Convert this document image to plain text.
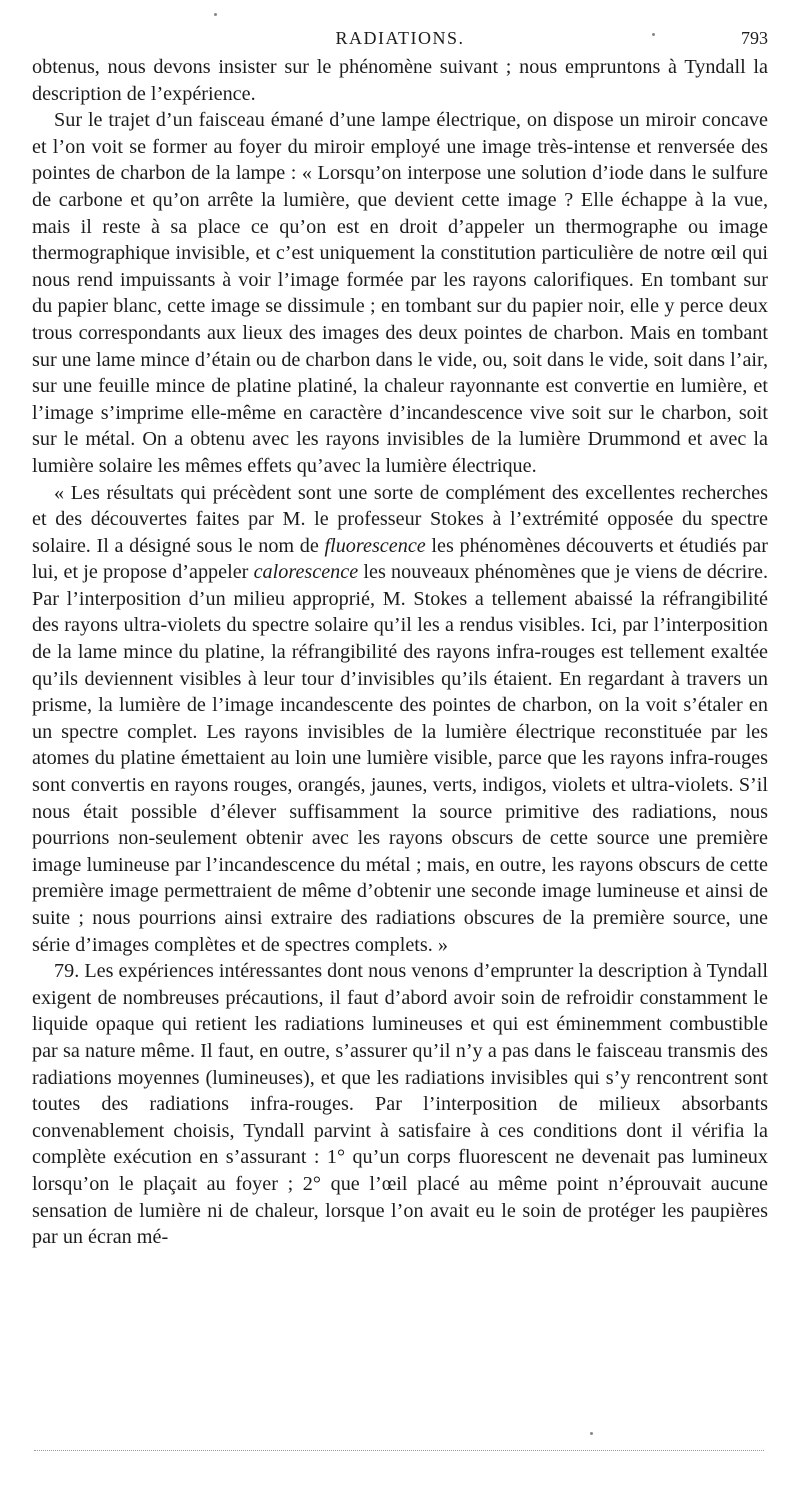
RADIATIONS.	793

obtenus, nous devons insister sur le phénomène suivant ; nous empruntons à Tyndall la description de l’expérience.

Sur le trajet d’un faisceau émané d’une lampe électrique, on dispose un miroir concave et l’on voit se former au foyer du miroir employé une image très-intense et renversée des pointes de charbon de la lampe : « Lorsqu’on interpose une solution d’iode dans le sulfure de carbone et qu’on arrête la lumière, que devient cette image ? Elle échappe à la vue, mais il reste à sa place ce qu’on est en droit d’appeler un thermographe ou image thermographique invisible, et c’est uniquement la constitution particulière de notre œil qui nous rend impuissants à voir l’image formée par les rayons calorifiques. En tombant sur du papier blanc, cette image se dissimule ; en tombant sur du papier noir, elle y perce deux trous correspondants aux lieux des images des deux pointes de charbon. Mais en tombant sur une lame mince d’étain ou de charbon dans le vide, ou, soit dans le vide, soit dans l’air, sur une feuille mince de platine platiné, la chaleur rayonnante est convertie en lumière, et l’image s’imprime elle-même en caractère d’incandescence vive soit sur le charbon, soit sur le métal. On a obtenu avec les rayons invisibles de la lumière Drummond et avec la lumière solaire les mêmes effets qu’avec la lumière électrique.

« Les résultats qui précèdent sont une sorte de complément des excellentes recherches et des découvertes faites par M. le professeur Stokes à l’extrémité opposée du spectre solaire. Il a désigné sous le nom de fluorescence les phénomènes découverts et étudiés par lui, et je propose d’appeler calorescence les nouveaux phénomènes que je viens de décrire. Par l’interposition d’un milieu approprié, M. Stokes a tellement abaissé la réfrangibilité des rayons ultra-violets du spectre solaire qu’il les a rendus visibles. Ici, par l’interposition de la lame mince du platine, la réfrangibilité des rayons infra-rouges est tellement exaltée qu’ils deviennent visibles à leur tour d’invisibles qu’ils étaient. En regardant à travers un prisme, la lumière de l’image incandescente des pointes de charbon, on la voit s’étaler en un spectre complet. Les rayons invisibles de la lumière électrique reconstituée par les atomes du platine émettaient au loin une lumière visible, parce que les rayons infra-rouges sont convertis en rayons rouges, orangés, jaunes, verts, indigos, violets et ultra-violets. S’il nous était possible d’élever suffisamment la source primitive des radiations, nous pourrions non-seulement obtenir avec les rayons obscurs de cette source une première image lumineuse par l’incandescence du métal ; mais, en outre, les rayons obscurs de cette première image permettraient de même d’obtenir une seconde image lumineuse et ainsi de suite ; nous pourrions ainsi extraire des radiations obscures de la première source, une série d’images complètes et de spectres complets. »

79. Les expériences intéressantes dont nous venons d’emprunter la description à Tyndall exigent de nombreuses précautions, il faut d’abord avoir soin de refroidir constamment le liquide opaque qui retient les radiations lumineuses et qui est éminemment combustible par sa nature même. Il faut, en outre, s’assurer qu’il n’y a pas dans le faisceau transmis des radiations moyennes (lumineuses), et que les radiations invisibles qui s’y rencontrent sont toutes des radiations infra-rouges. Par l’interposition de milieux absorbants convenablement choisis, Tyndall parvint à satisfaire à ces conditions dont il vérifia la complète exécution en s’assurant : 1° qu’un corps fluorescent ne devenait pas lumineux lorsqu’on le plaçait au foyer ; 2° que l’œil placé au même point n’éprouvait aucune sensation de lumière ni de chaleur, lorsque l’on avait eu le soin de protéger les paupières par un écran mé-
